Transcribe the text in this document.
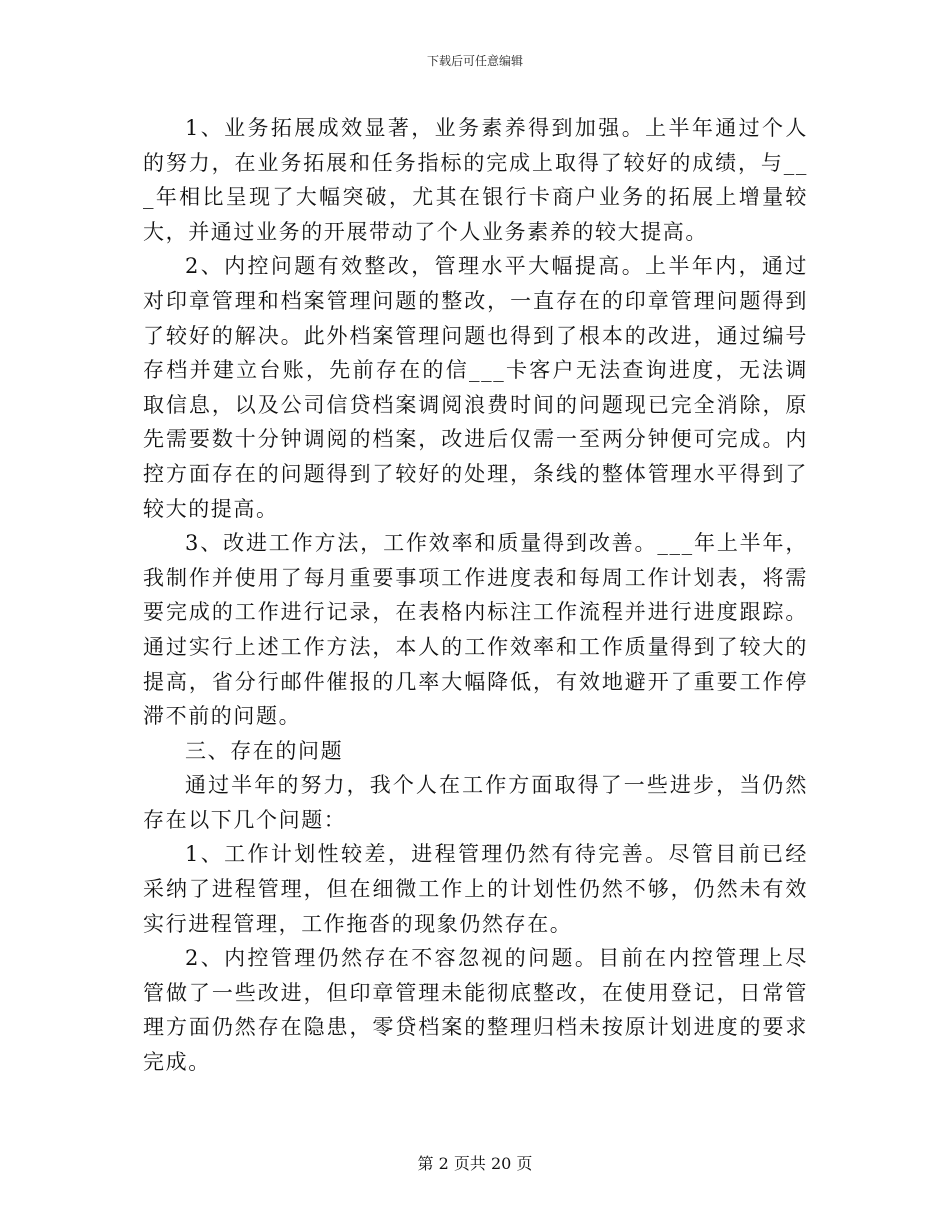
下载后可任意编辑

1、业务拓展成效显著，业务素养得到加强。上半年通过个人的努力，在业务拓展和任务指标的完成上取得了较好的成绩，与___年相比呈现了大幅突破，尤其在银行卡商户业务的拓展上增量较大，并通过业务的开展带动了个人业务素养的较大提高。

2、内控问题有效整改，管理水平大幅提高。上半年内，通过对印章管理和档案管理问题的整改，一直存在的印章管理问题得到了较好的解决。此外档案管理问题也得到了根本的改进，通过编号存档并建立台账，先前存在的信___卡客户无法查询进度，无法调取信息，以及公司信贷档案调阅浪费时间的问题现已完全消除，原先需要数十分钟调阅的档案，改进后仅需一至两分钟便可完成。内控方面存在的问题得到了较好的处理，条线的整体管理水平得到了较大的提高。

3、改进工作方法，工作效率和质量得到改善。___年上半年，我制作并使用了每月重要事项工作进度表和每周工作计划表，将需要完成的工作进行记录，在表格内标注工作流程并进行进度跟踪。通过实行上述工作方法，本人的工作效率和工作质量得到了较大的提高，省分行邮件催报的几率大幅降低，有效地避开了重要工作停滞不前的问题。

三、存在的问题

通过半年的努力，我个人在工作方面取得了一些进步，当仍然存在以下几个问题：

1、工作计划性较差，进程管理仍然有待完善。尽管目前已经采纳了进程管理，但在细微工作上的计划性仍然不够，仍然未有效实行进程管理，工作拖沓的现象仍然存在。

2、内控管理仍然存在不容忽视的问题。目前在内控管理上尽管做了一些改进，但印章管理未能彻底整改，在使用登记，日常管理方面仍然存在隐患，零贷档案的整理归档未按原计划进度的要求完成。

第 2 页共 20 页
